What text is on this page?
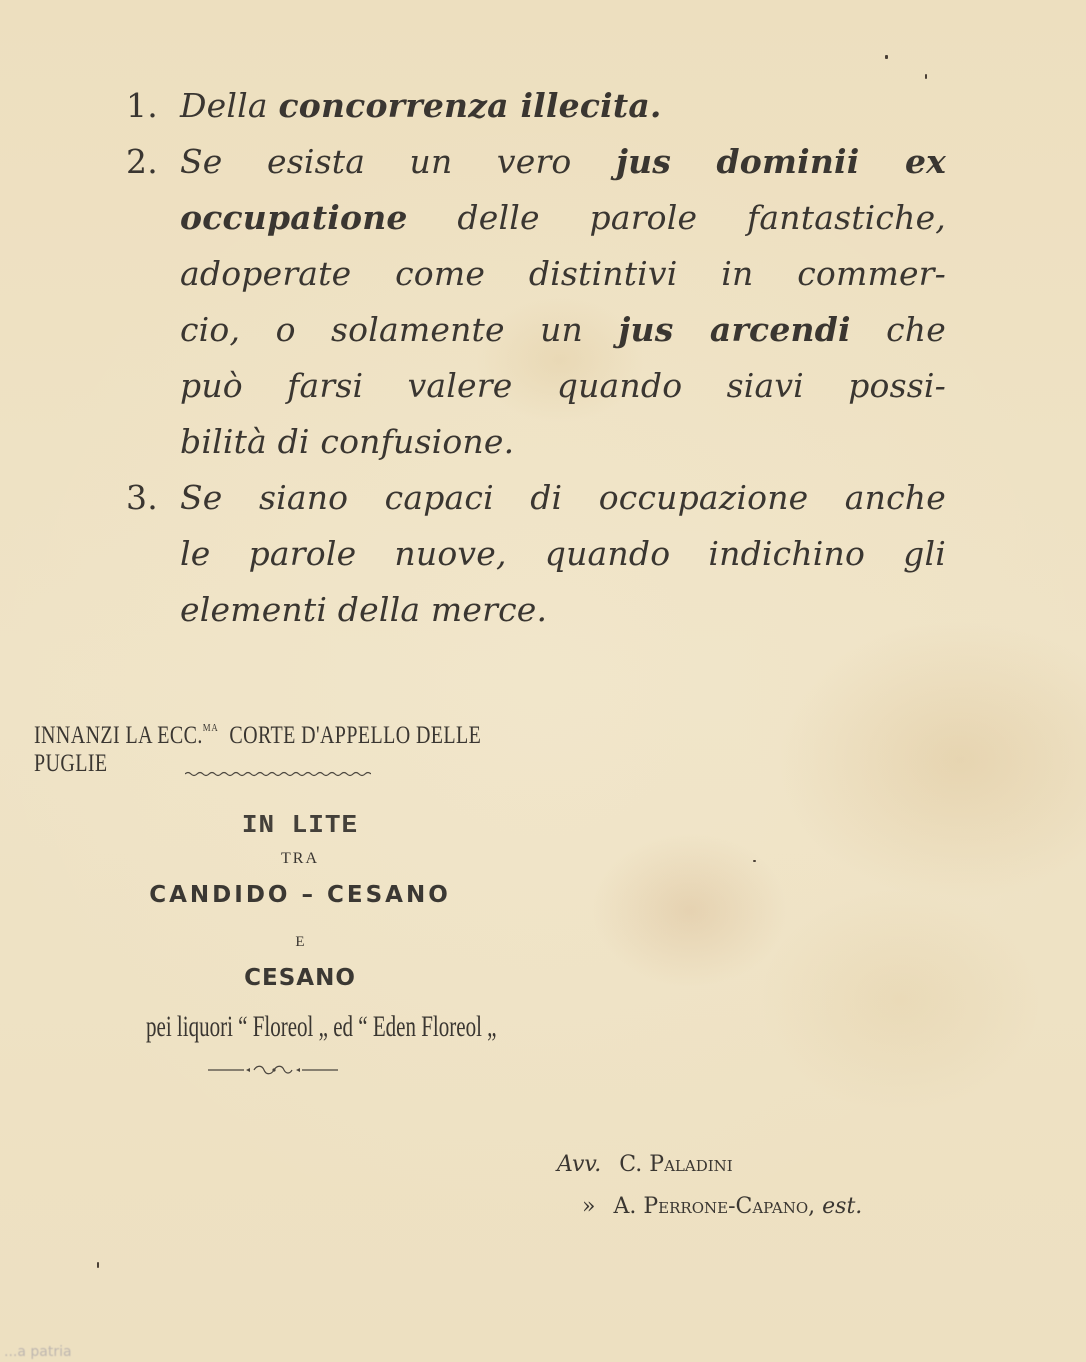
1. Della concorrenza illecita.
2. Se esista un vero jus dominii ex
occupatione delle parole fantastiche,
adoperate come distintivi in commer-
cio, o solamente un jus arcendi che
può farsi valere quando siavi possi-
bilità di confusione.
3. Se siano capaci di occupazione anche
le parole nuove, quando indichino gli
elementi della merce.
INNANZI LA ECC.$^{MA}$ CORTE D'APPELLO DELLE PUGLIE
IN LITE
TRA
CANDIDO – CESANO
E
CESANO
pei liquori “ Floreol „ ed “ Eden Floreol „
Avv. C. Paladini
» A. Perrone-Capano, est.
...a patria
